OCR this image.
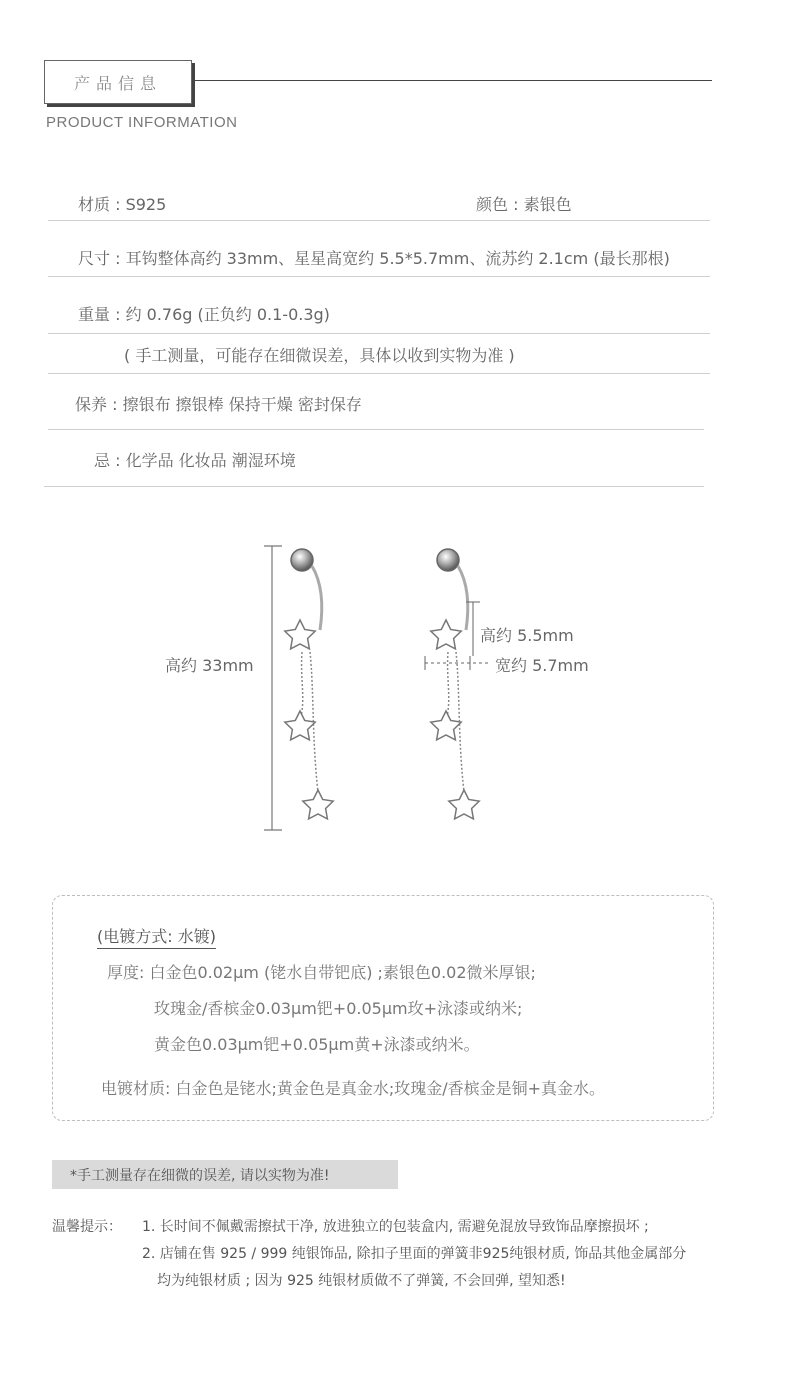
产品信息
PRODUCT INFORMATION
材质 : S925	颜色 : 素银色
尺寸 : 耳钩整体高约 33mm、星星高宽约 5.5*5.7mm、流苏约 2.1cm (最长那根)
重量 : 约 0.76g (正负约 0.1-0.3g)
( 手工测量，可能存在细微误差，具体以收到实物为准 )
保养 : 擦银布 擦银棒 保持干燥 密封保存
忌 : 化学品 化妆品 潮湿环境
高约 33mm
高约 5.5mm
宽约 5.7mm
(电镀方式: 水镀)
厚度: 白金色0.02μm (铑水自带钯底) ;素银色0.02微米厚银;
玫瑰金/香槟金0.03μm钯+0.05μm玫+泳漆或纳米;
黄金色0.03μm钯+0.05μm黄+泳漆或纳米。
电镀材质: 白金色是铑水;黄金色是真金水;玫瑰金/香槟金是铜+真金水。
*手工测量存在细微的误差, 请以实物为准!
温馨提示： 1. 长时间不佩戴需擦拭干净, 放进独立的包装盒内, 需避免混放导致饰品摩擦损坏 ;
2. 店铺在售 925 / 999 纯银饰品, 除扣子里面的弹簧非925纯银材质, 饰品其他金属部分
均为纯银材质 ; 因为 925 纯银材质做不了弹簧, 不会回弹, 望知悉!
